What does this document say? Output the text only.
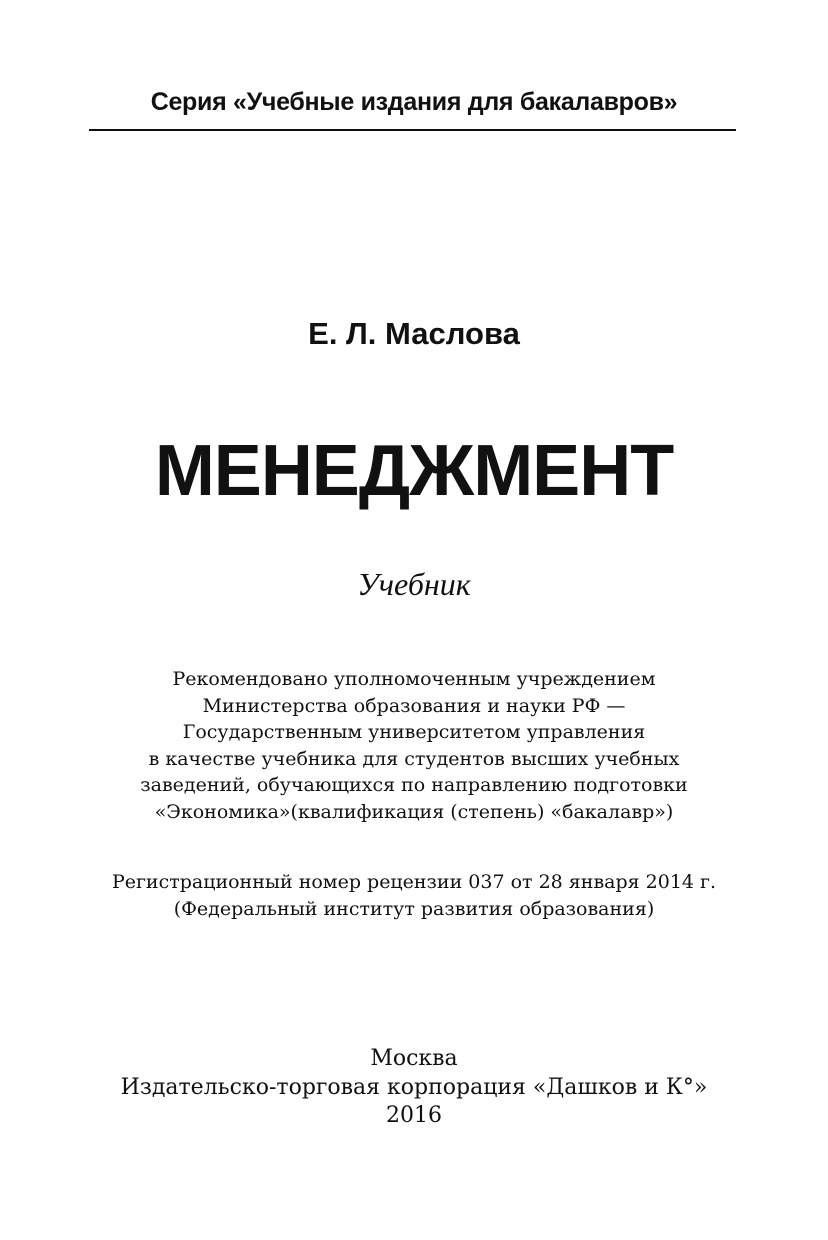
Серия «Учебные издания для бакалавров»
Е. Л. Маслова
МЕНЕДЖМЕНТ
Учебник
Рекомендовано уполномоченным учреждением
Министерства образования и науки РФ —
Государственным университетом управления
в качестве учебника для студентов высших учебных
заведений, обучающихся по направлению подготовки
«Экономика»(квалификация (степень) «бакалавр»)
Регистрационный номер рецензии 037 от 28 января 2014 г.
(Федеральный институт развития образования)
Москва
Издательско-торговая корпорация «Дашков и К°»
2016
